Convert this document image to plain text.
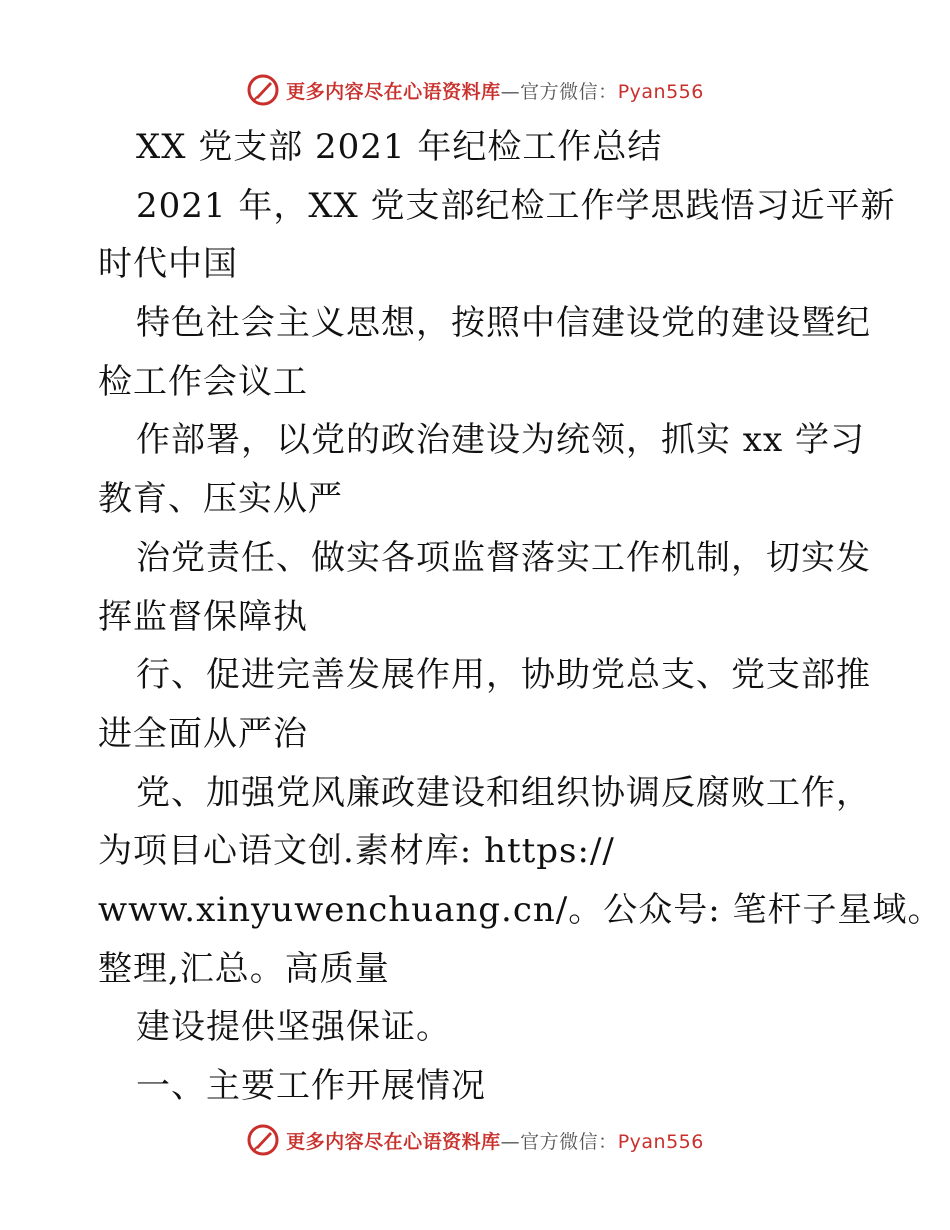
更多内容尽在心语资料库—官方微信：Pyan556
XX 党支部 2021 年纪检工作总结
2021 年，XX 党支部纪检工作学思践悟习近平新
时代中国
特色社会主义思想，按照中信建设党的建设暨纪
检工作会议工
作部署，以党的政治建设为统领，抓实 xx 学习
教育、压实从严
治党责任、做实各项监督落实工作机制，切实发
挥监督保障执
行、促进完善发展作用，协助党总支、党支部推
进全面从严治
党、加强党风廉政建设和组织协调反腐败工作，
为项目心语文创.素材库: https://
www.xinyuwenchuang.cn/。公众号: 笔杆子星域。
整理,汇总。高质量
建设提供坚强保证。
一、主要工作开展情况
更多内容尽在心语资料库—官方微信：Pyan556
